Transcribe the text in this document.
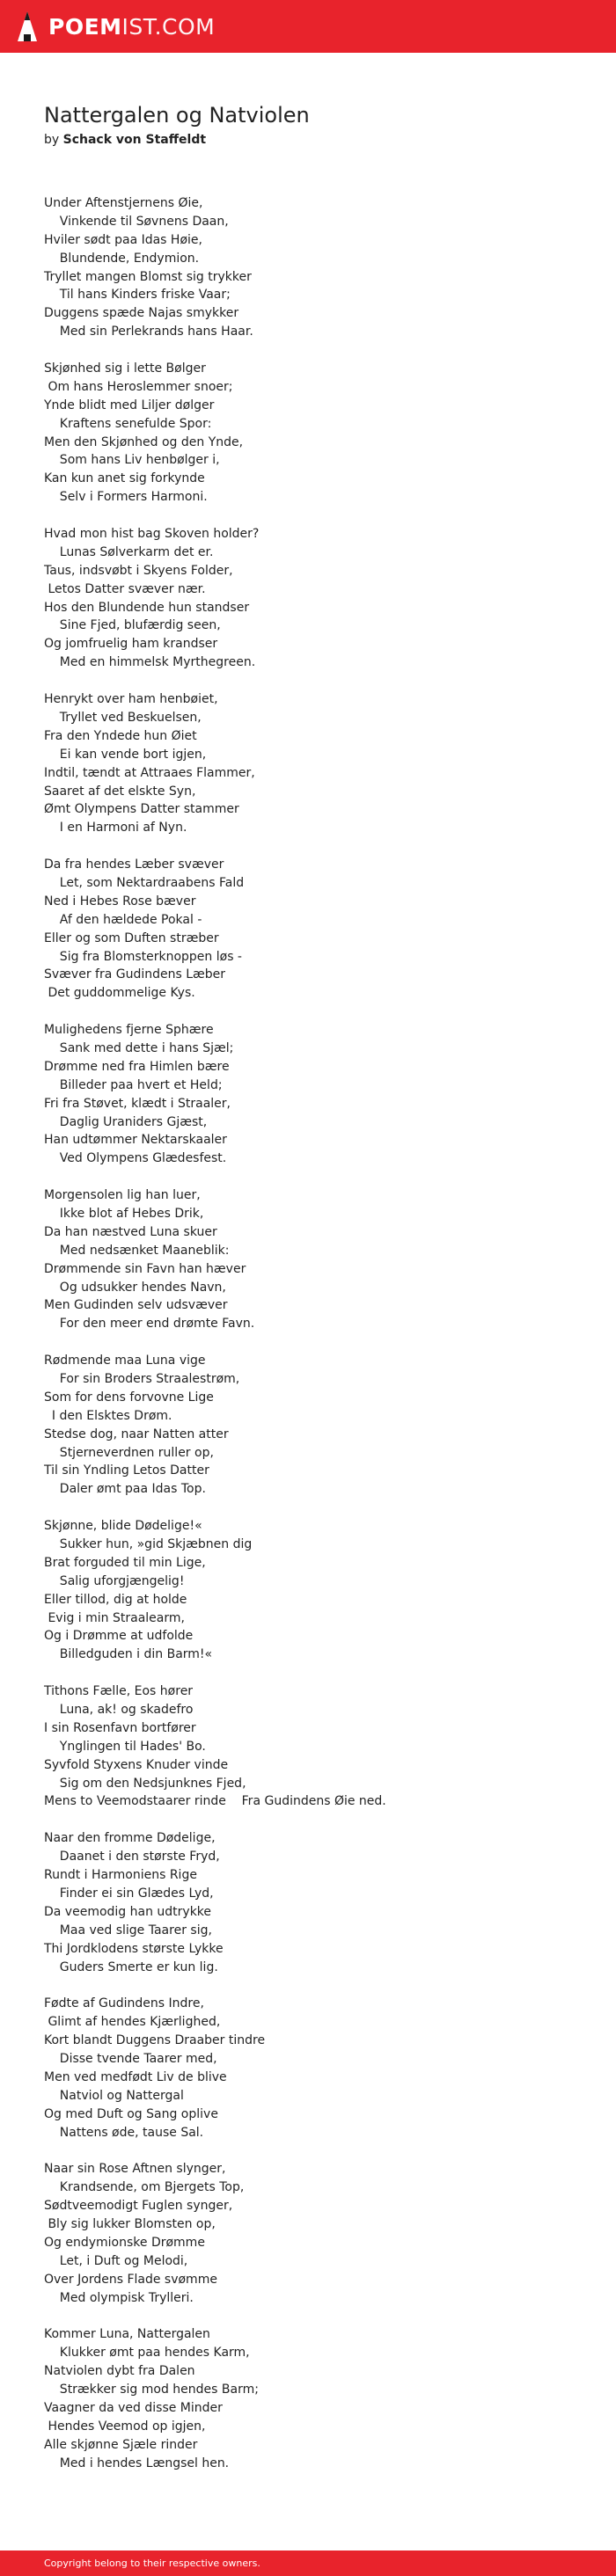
POEMIST.COM
Nattergalen og Natviolen
by Schack von Staffeldt
Under Aftenstjernens Øie,
Vinkende til Søvnens Daan,
Hviler sødt paa Idas Høie,
Blundende, Endymion.
Tryllet mangen Blomst sig trykker
Til hans Kinders friske Vaar;
Duggens spæde Najas smykker
Med sin Perlekrands hans Haar.
Skjønhed sig i lette Bølger
Om hans Heroslemmer snoer;
Ynde blidt med Liljer dølger
Kraftens senefulde Spor:
Men den Skjønhed og den Ynde,
Som hans Liv henbølger i,
Kan kun anet sig forkynde
Selv i Formers Harmoni.
Hvad mon hist bag Skoven holder?
Lunas Sølverkarm det er.
Taus, indsvøbt i Skyens Folder,
Letos Datter svæver nær.
Hos den Blundende hun standser
Sine Fjed, blufærdig seen,
Og jomfruelig ham krandser
Med en himmelsk Myrthegreen.
Henrykt over ham henbøiet,
Tryllet ved Beskuelsen,
Fra den Yndede hun Øiet
Ei kan vende bort igjen,
Indtil, tændt at Attraaes Flammer,
Saaret af det elskte Syn,
Ømt Olympens Datter stammer
I en Harmoni af Nyn.
Da fra hendes Læber svæver
Let, som Nektardraabens Fald
Ned i Hebes Rose bæver
Af den hældede Pokal -
Eller og som Duften stræber
Sig fra Blomsterknoppen løs -
Svæver fra Gudindens Læber
Det guddommelige Kys.
Mulighedens fjerne Sphære
Sank med dette i hans Sjæl;
Drømme ned fra Himlen bære
Billeder paa hvert et Held;
Fri fra Støvet, klædt i Straaler,
Daglig Uraniders Gjæst,
Han udtømmer Nektarskaaler
Ved Olympens Glædesfest.
Morgensolen lig han luer,
Ikke blot af Hebes Drik,
Da han næstved Luna skuer
Med nedsænket Maaneblik:
Drømmende sin Favn han hæver
Og udsukker hendes Navn,
Men Gudinden selv udsvæver
For den meer end drømte Favn.
Rødmende maa Luna vige
For sin Broders Straalestrøm,
Som for dens forvovne Lige
I den Elsktes Drøm.
Stedse dog, naar Natten atter
Stjerneverdnen ruller op,
Til sin Yndling Letos Datter
Daler ømt paa Idas Top.
Skjønne, blide Dødelige!«
Sukker hun, »gid Skjæbnen dig
Brat forguded til min Lige,
Salig uforgjængelig!
Eller tillod, dig at holde
Evig i min Straalearm,
Og i Drømme at udfolde
Billedguden i din Barm!«
Tithons Fælle, Eos hører
Luna, ak! og skadefro
I sin Rosenfavn bortfører
Ynglingen til Hades' Bo.
Syvfold Styxens Knuder vinde
Sig om den Nedsjunknes Fjed,
Mens to Veemodstaarer rinde    Fra Gudindens Øie ned.
Naar den fromme Dødelige,
Daanet i den største Fryd,
Rundt i Harmoniens Rige
Finder ei sin Glædes Lyd,
Da veemodig han udtrykke
Maa ved slige Taarer sig,
Thi Jordklodens største Lykke
Guders Smerte er kun lig.
Fødte af Gudindens Indre,
Glimt af hendes Kjærlighed,
Kort blandt Duggens Draaber tindre
Disse tvende Taarer med,
Men ved medfødt Liv de blive
Natviol og Nattergal
Og med Duft og Sang oplive
Nattens øde, tause Sal.
Naar sin Rose Aftnen slynger,
Krandsende, om Bjergets Top,
Sødtveemodigt Fuglen synger,
Bly sig lukker Blomsten op,
Og endymionske Drømme
Let, i Duft og Melodi,
Over Jordens Flade svømme
Med olympisk Trylleri.
Kommer Luna, Nattergalen
Klukker ømt paa hendes Karm,
Natviolen dybt fra Dalen
Strækker sig mod hendes Barm;
Vaagner da ved disse Minder
Hendes Veemod op igjen,
Alle skjønne Sjæle rinder
Med i hendes Længsel hen.
Copyright belong to their respective owners.
